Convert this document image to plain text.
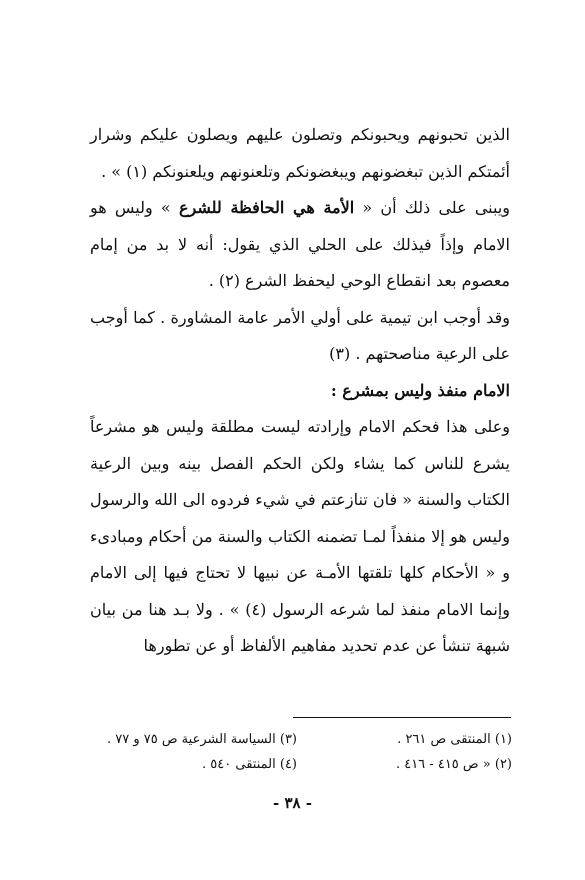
الذين تحبونهم ويحبونكم وتصلون عليهم ويصلون عليكم وشرار أئمتكم الذين تبغضونهم ويبغضونكم وتلعنونهم ويلعنونكم (١) » .

ويبنى على ذلك أن « الأمة هي الحافظة للشرع » وليس هو الامام وإذاً فيذلك على الحلي الذي يقول: أنه لا بد من إمام معصوم بعد انقطاع الوحي ليحفظ الشرع (٢) .

وقد أوجب ابن تيمية على أولي الأمر عامة المشاورة . كما أوجب على الرعية مناصحتهم . (٣)

الامام منفذ وليس بمشرع :

وعلى هذا فحكم الامام وإرادته ليست مطلقة وليس هو مشرعاً يشرع للناس كما يشاء ولكن الحكم الفصل بينه وبين الرعية الكتاب والسنة « فان تنازعتم في شيء فردوه الى الله والرسول وليس هو إلا منفذاً لمـا تضمنه الكتاب والسنة من أحكام ومبادىء و « الأحكام كلها تلقتها الأمـة عن نبيها لا تحتاج فيها إلى الامام وإنما الامام منفذ لما شرعه الرسول (٤) » . ولا بـد هنا من بيان شبهة تنشأ عن عدم تحديد مفاهيم الألفاظ أو عن تطورها

(١) المنتقى ص ٢٦١ .
(٣) السياسة الشرعية ص ٧٥ و ٧٧ .
(٢) « ص ٤١٥ - ٤١٦ .
(٤) المنتقى ٥٤٠ .
- ٣٨ -
